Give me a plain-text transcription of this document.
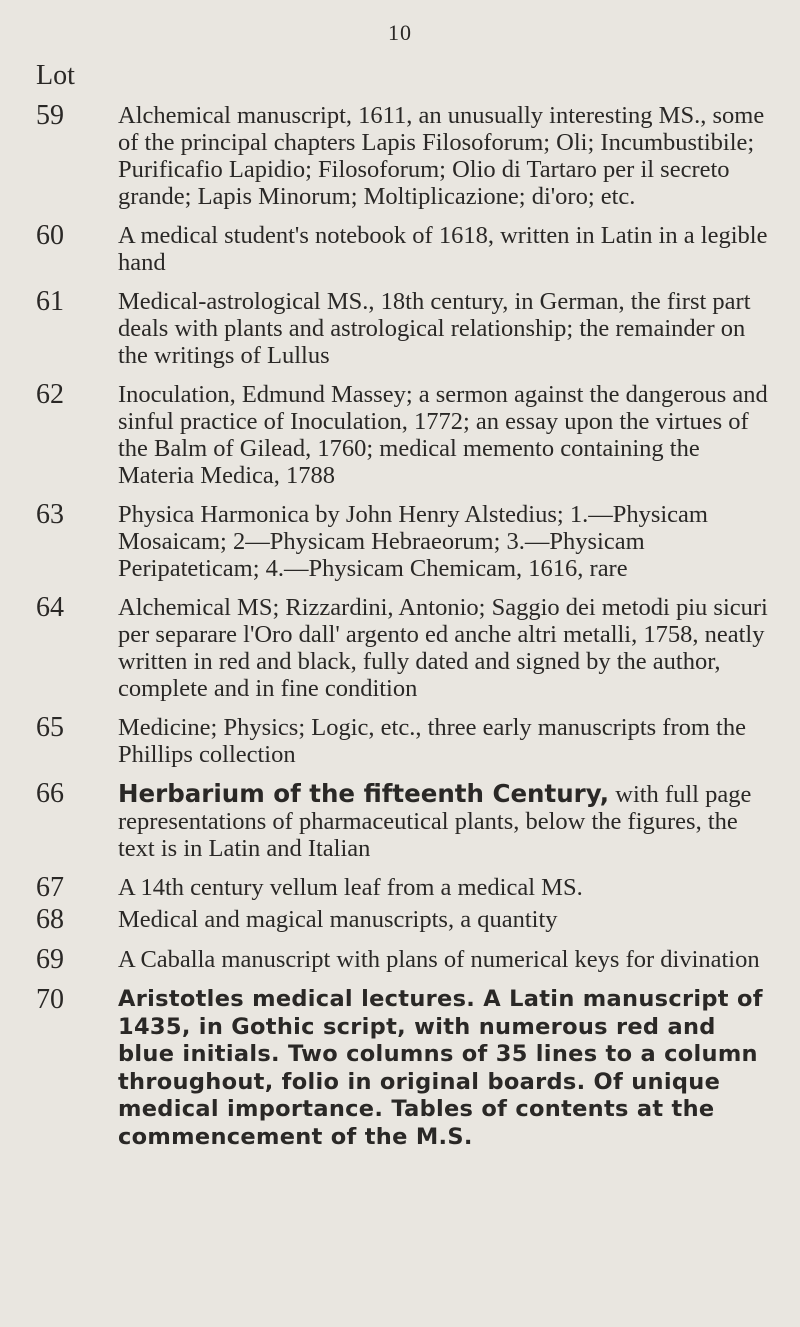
10
Lot
59	Alchemical manuscript, 1611, an unusually interesting MS., some of the principal chapters Lapis Filosoforum; Oli; Incumbustibile; Purificafio Lapidio; Filosoforum; Olio di Tartaro per il secreto grande; Lapis Minorum; Moltiplicazione; di'oro; etc.
60	A medical student's notebook of 1618, written in Latin in a legible hand
61	Medical-astrological MS., 18th century, in German, the first part deals with plants and astrological relationship; the remainder on the writings of Lullus
62	Inoculation, Edmund Massey; a sermon against the dangerous and sinful practice of Inoculation, 1772; an essay upon the virtues of the Balm of Gilead, 1760; medical memento containing the Materia Medica, 1788
63	Physica Harmonica by John Henry Alstedius; 1.—Physicam Mosaicam; 2—Physicam Hebraeorum; 3.—Physicam Peripateticam; 4.—Physicam Chemicam, 1616, rare
64	Alchemical MS; Rizzardini, Antonio; Saggio dei metodi piu sicuri per separare l'Oro dall' argento ed anche altri metalli, 1758, neatly written in red and black, fully dated and signed by the author, complete and in fine condition
65	Medicine; Physics; Logic, etc., three early manuscripts from the Phillips collection
66	Herbarium of the fifteenth Century, with full page representations of pharmaceutical plants, below the figures, the text is in Latin and Italian
67	A 14th century vellum leaf from a medical MS.
68	Medical and magical manuscripts, a quantity
69	A Caballa manuscript with plans of numerical keys for divination
70	Aristotles medical lectures. A Latin manuscript of 1435, in Gothic script, with numerous red and blue initials. Two columns of 35 lines to a column throughout, folio in original boards. Of unique medical importance. Tables of contents at the commencement of the M.S.
